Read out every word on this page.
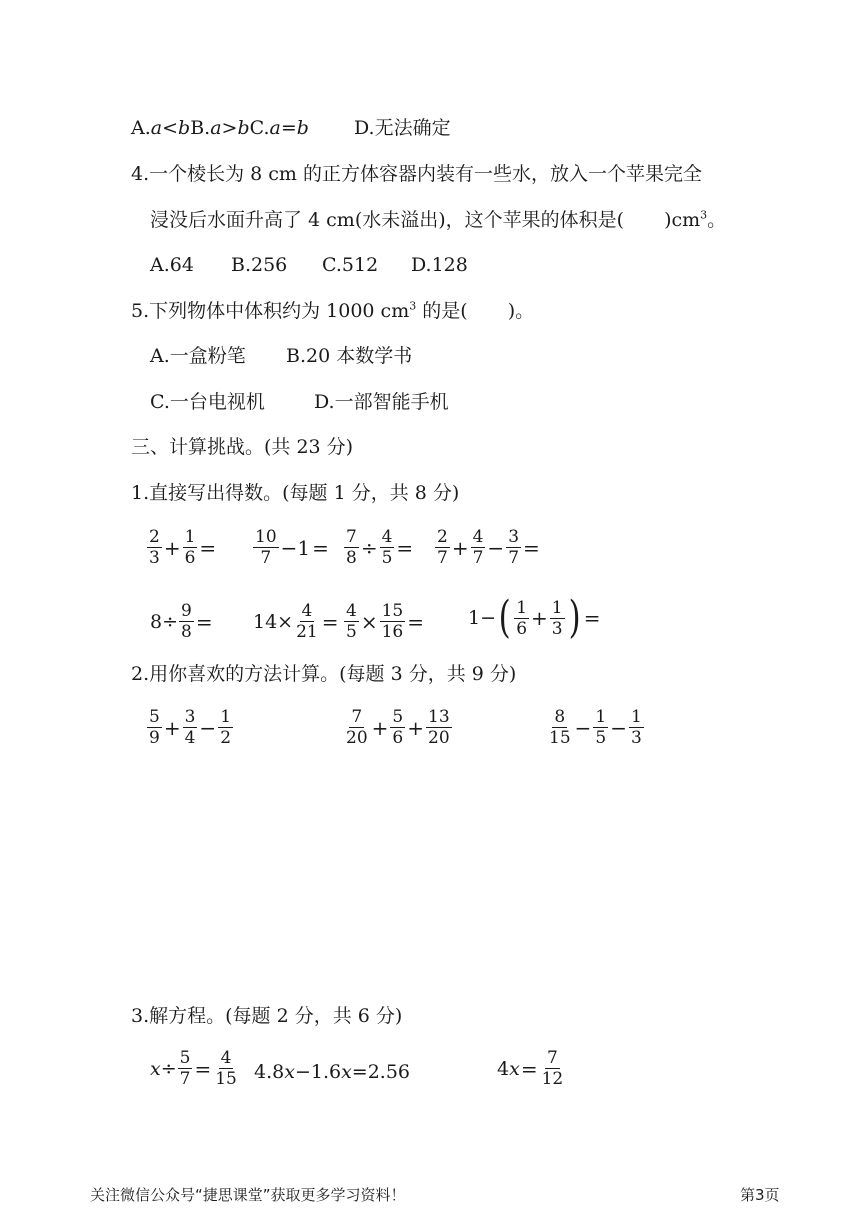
A.a<bB.a>bC.a=b D.无法确定
4.一个棱长为 8 cm 的正方体容器内装有一些水，放入一个苹果完全
浸没后水面升高了 4 cm(水未溢出)，这个苹果的体积是( )$cm^3$。
A.64 B.256 C.512 D.128
5.下列物体中体积约为 1000 $cm^3$ 的是( )。
A.一盒粉笔 B.20 本数学书
C.一台电视机	D.一部智能手机
三、计算挑战。(共 23 分)
1.直接写出得数。(每题 1 分，共 8 分)
$\frac{2}{3} + \frac{1}{6} = \frac{10}{7} -1 = \frac{7}{8} \div \frac{4}{5} = \frac{2}{7} + \frac{4}{7} - \frac{3}{7}$ =
$8\div \frac{9}{8} = 14\times \frac{4}{21} = \frac{4}{5} \times \frac{15}{16} = 1-$ ( $\frac{1}{6} + \frac{1}{3}$ ) =
2.用你喜欢的方法计算。(每题 3 分，共 9 分)
$\frac{5}{9} + \frac{3}{4} - \frac{1}{2}$	$\frac{7}{20} + \frac{5}{6} + \frac{13}{20}$	$\frac{8}{15} - \frac{1}{5} - \frac{1}{3}$
3.解方程。(每题 2 分，共 6 分)
$x \div \frac{5}{7} = \frac{4}{15} 4.8x-1.6x=2.56$	4 $x = \frac{7}{12}$
关注微信公众号“捷思课堂”获取更多学习资料！	第3页
